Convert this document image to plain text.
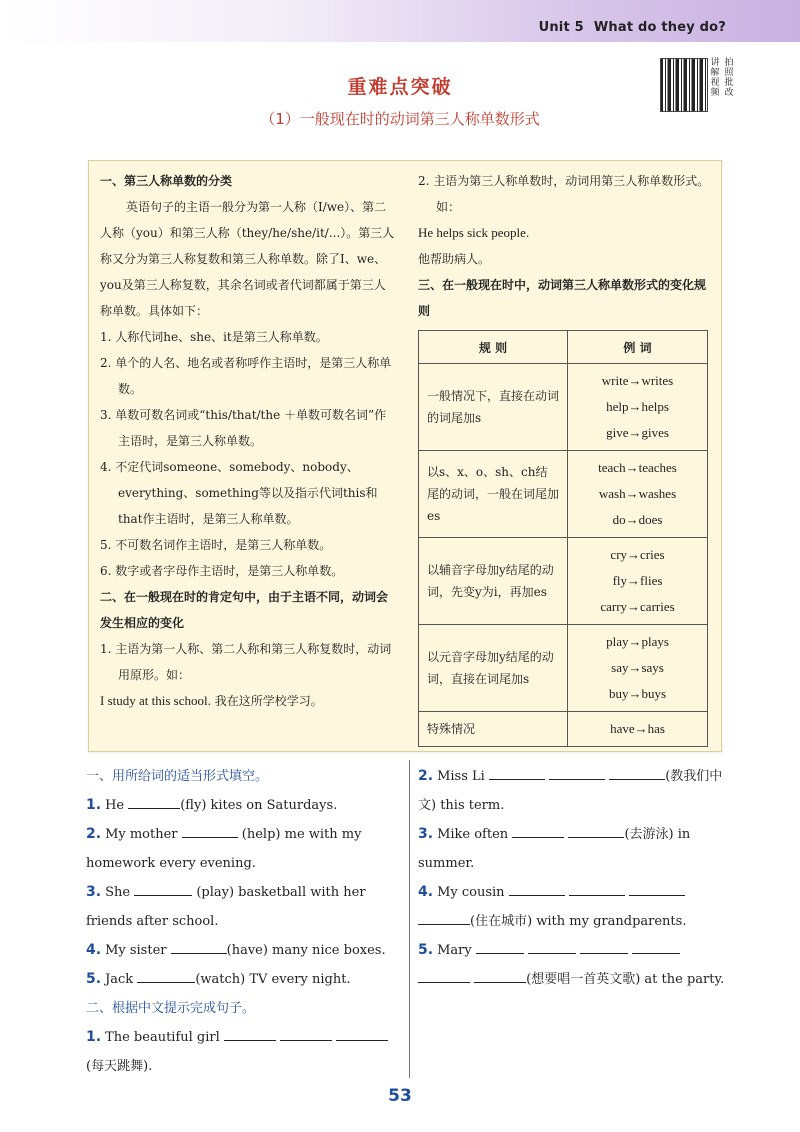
Unit 5 What do they do?
讲 拍
解 照
视 批
频 改
重难点突破
（1）一般现在时的动词第三人称单数形式

一、第三人称单数的分类

英语句子的主语一般分为第一人称（I/we）、第二人称（you）和第三人称（they/he/she/it/...）。第三人称又分为第三人称复数和第三人称单数。除了I、we、you及第三人称复数，其余名词或者代词都属于第三人称单数。具体如下：

1. 人称代词he、she、it是第三人称单数。

2. 单个的人名、地名或者称呼作主语时，是第三人称单数。

3. 单数可数名词或“this/that/the ＋单数可数名词”作主语时，是第三人称单数。

4. 不定代词someone、somebody、nobody、everything、something等以及指示代词this和that作主语时，是第三人称单数。

5. 不可数名词作主语时，是第三人称单数。

6. 数字或者字母作主语时，是第三人称单数。

二、在一般现在时的肯定句中，由于主语不同，动词会发生相应的变化

1. 主语为第一人称、第二人称和第三人称复数时，动词用原形。如：

I study at this school. 我在这所学校学习。

2. 主语为第三人称单数时，动词用第三人称单数形式。如：

He helps sick people.

他帮助病人。

三、在一般现在时中，动词第三人称单数形式的变化规则

规 则	例 词
一般情况下，直接在动词的词尾加s	write→writes
help→helps
give→gives

以s、x、o、sh、ch结尾的动词，一般在词尾加es	teach→teaches
wash→washes
do→does

以辅音字母加y结尾的动词，先变y为i，再加es	cry→cries
fly→flies
carry→carries

以元音字母加y结尾的动词，直接在词尾加s	play→plays
say→says
buy→buys

特殊情况	have→has
一、用所给词的适当形式填空。
1. He	(fly) kites on Saturdays.
2. My mother	(help) me with my homework every evening.
3. She	(play) basketball with her friends after school.
4. My sister	(have) many nice boxes.
5. Jack	(watch) TV every night.
二、根据中文提示完成句子。
1. The beautiful girl   (每天跳舞).
2. Miss Li	(教我们中文) this term.
3. Mike often	(去游泳) in summer.
4. My cousin    (住在城市) with my grandparents.
5. Mary      (想要唱一首英文歌) at the party.
53
